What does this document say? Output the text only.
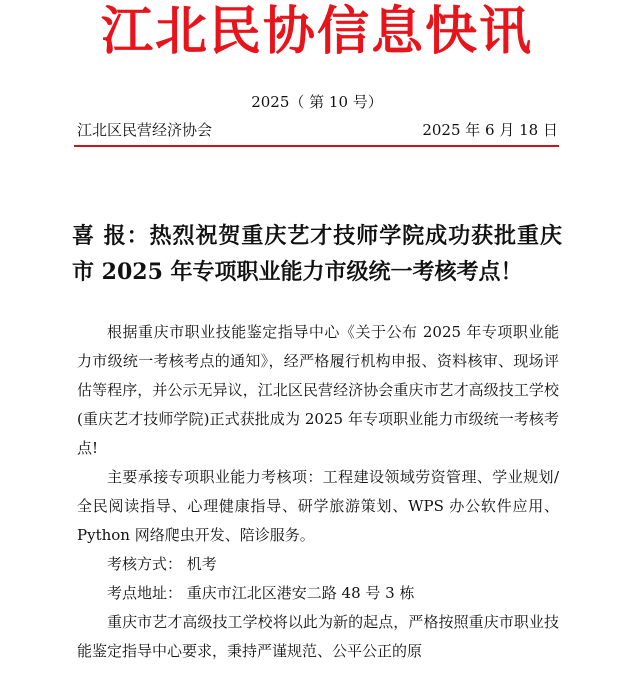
江北民协信息快讯
2025（ 第 10 号）
江北区民营经济协会	2025 年 6 月 18 日
喜 报：热烈祝贺重庆艺才技师学院成功获批重庆市 2025 年专项职业能力市级统一考核考点！

根据重庆市职业技能鉴定指导中心《关于公布 2025 年专项职业能力市级统一考核考点的通知》，经严格履行机构申报、资料核审、现场评估等程序，并公示无异议，江北区民营经济协会重庆市艺才高级技工学校(重庆艺才技师学院)正式获批成为 2025 年专项职业能力市级统一考核考点!

主要承接专项职业能力考核项：工程建设领域劳资管理、学业规划/全民阅读指导、心理健康指导、研学旅游策划、WPS 办公软件应用、Python 网络爬虫开发、陪诊服务。

考核方式： 机考

考点地址： 重庆市江北区港安二路 48 号 3 栋

重庆市艺才高级技工学校将以此为新的起点，严格按照重庆市职业技能鉴定指导中心要求，秉持严谨规范、公平公正的原
